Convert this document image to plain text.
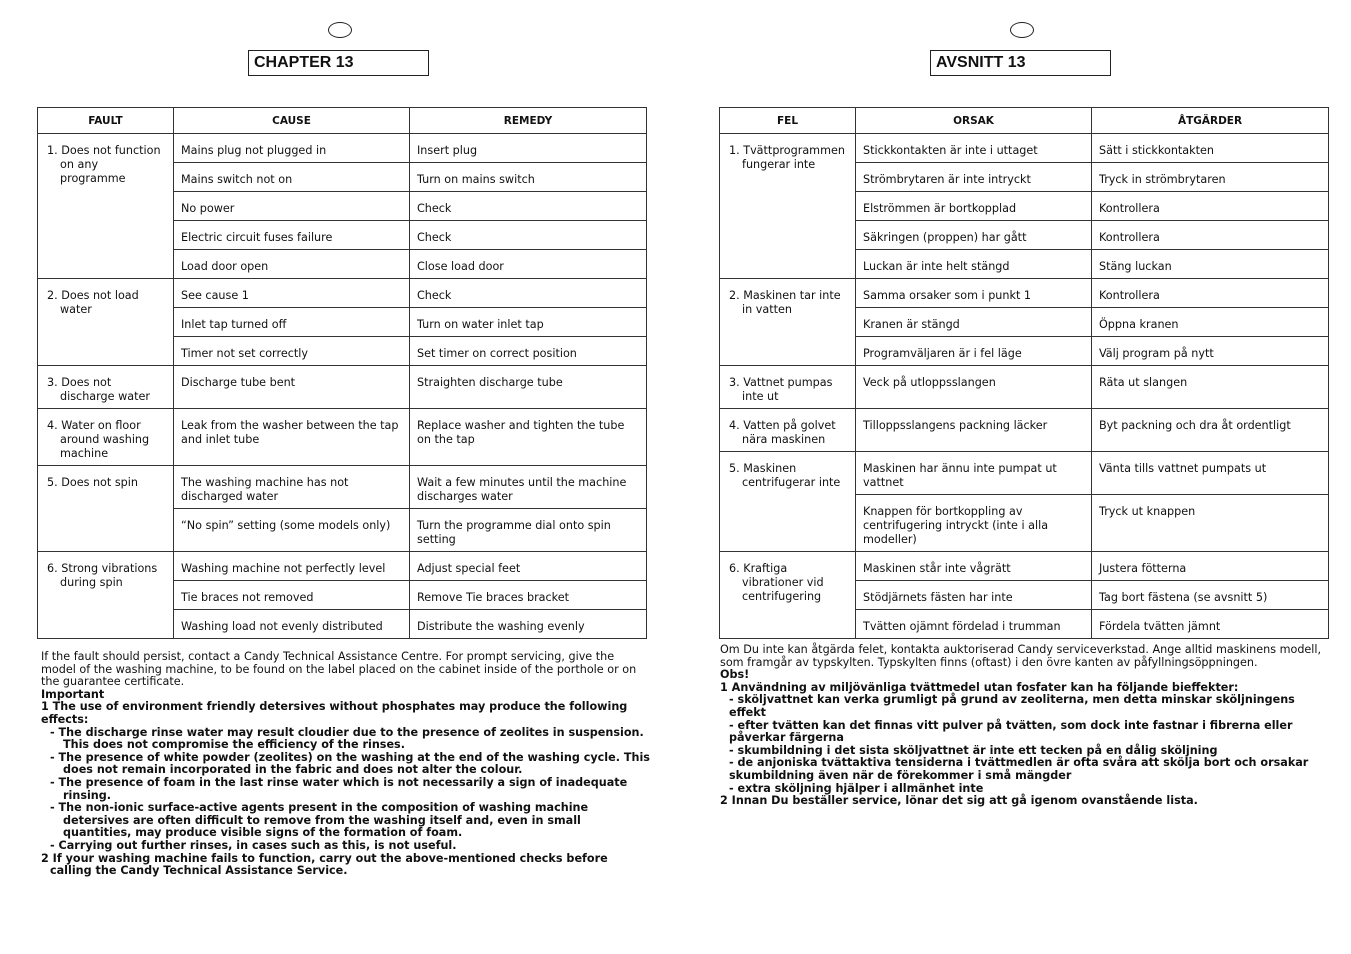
CHAPTER 13
FAULT	CAUSE	REMEDY

1. Does not function on any programme	Mains plug not plugged in	Insert plug
	Mains switch not on	Turn on mains switch
	No power	Check
	Electric circuit fuses failure	Check
	Load door open	Close load door

2. Does not load water	See cause 1	Check
	Inlet tap turned off	Turn on water inlet tap
	Timer not set correctly	Set timer on correct position

3. Does not discharge water	Discharge tube bent	Straighten discharge tube

4. Water on floor around washing machine	Leak from the washer between the tap and inlet tube	Replace washer and tighten the tube on the tap

5. Does not spin	The washing machine has not discharged water	Wait a few minutes until the machine discharges water
	“No spin” setting (some models only)	Turn the programme dial onto spin setting

6. Strong vibrations during spin	Washing machine not perfectly level	Adjust special feet
	Tie braces not removed	Remove Tie braces bracket
	Washing load not evenly distributed	Distribute the washing evenly

If the fault should persist, contact a Candy Technical Assistance Centre. For prompt servicing, give the model of the washing machine, to be found on the label placed on the cabinet inside of the porthole or on the guarantee certificate.

Important

1 The use of environment friendly detersives without phosphates may produce the following effects:

- The discharge rinse water may result cloudier due to the presence of zeolites in suspension. This does not compromise the efficiency of the rinses.

- The presence of white powder (zeolites) on the washing at the end of the washing cycle. This does not remain incorporated in the fabric and does not alter the colour.

- The presence of foam in the last rinse water which is not necessarily a sign of inadequate rinsing.

- The non-ionic surface-active agents present in the composition of washing machine detersives are often difficult to remove from the washing itself and, even in small quantities, may produce visible signs of the formation of foam.

- Carrying out further rinses, in cases such as this, is not useful.

2 If your washing machine fails to function, carry out the above-mentioned checks before calling the Candy Technical Assistance Service.

AVSNITT 13
FEL	ORSAK	ÅTGÄRDER

1. Tvättprogrammen fungerar inte	Stickkontakten är inte i uttaget	Sätt i stickkontakten
	Strömbrytaren är inte intryckt	Tryck in strömbrytaren
	Elströmmen är bortkopplad	Kontrollera
	Säkringen (proppen) har gått	Kontrollera
	Luckan är inte helt stängd	Stäng luckan

2. Maskinen tar inte in vatten	Samma orsaker som i punkt 1	Kontrollera
	Kranen är stängd	Öppna kranen
	Programväljaren är i fel läge	Välj program på nytt

3. Vattnet pumpas inte ut	Veck på utloppsslangen	Räta ut slangen

4. Vatten på golvet nära maskinen	Tilloppsslangens packning läcker	Byt packning och dra åt ordentligt

5. Maskinen centrifugerar inte	Maskinen har ännu inte pumpat ut vattnet	Vänta tills vattnet pumpats ut
	Knappen för bortkoppling av centrifugering intryckt (inte i alla modeller)	Tryck ut knappen

6. Kraftiga vibrationer vid centrifugering	Maskinen står inte vågrätt	Justera fötterna
	Stödjärnets fästen har inte	Tag bort fästena (se avsnitt 5)
	Tvätten ojämnt fördelad i trumman	Fördela tvätten jämnt

Om Du inte kan åtgärda felet, kontakta auktoriserad Candy serviceverkstad. Ange alltid maskinens modell, som framgår av typskylten. Typskylten finns (oftast) i den övre kanten av påfyllningsöppningen.

Obs!

1 Användning av miljövänliga tvättmedel utan fosfater kan ha följande bieffekter:

- sköljvattnet kan verka grumligt på grund av zeoliterna, men detta minskar sköljningens effekt

- efter tvätten kan det finnas vitt pulver på tvätten, som dock inte fastnar i fibrerna eller påverkar färgerna

- skumbildning i det sista sköljvattnet är inte ett tecken på en dålig sköljning

- de anjoniska tvättaktiva tensiderna i tvättmedlen är ofta svåra att skölja bort och orsakar skumbildning även när de förekommer i små mängder

- extra sköljning hjälper i allmänhet inte

2 Innan Du beställer service, lönar det sig att gå igenom ovanstående lista.
